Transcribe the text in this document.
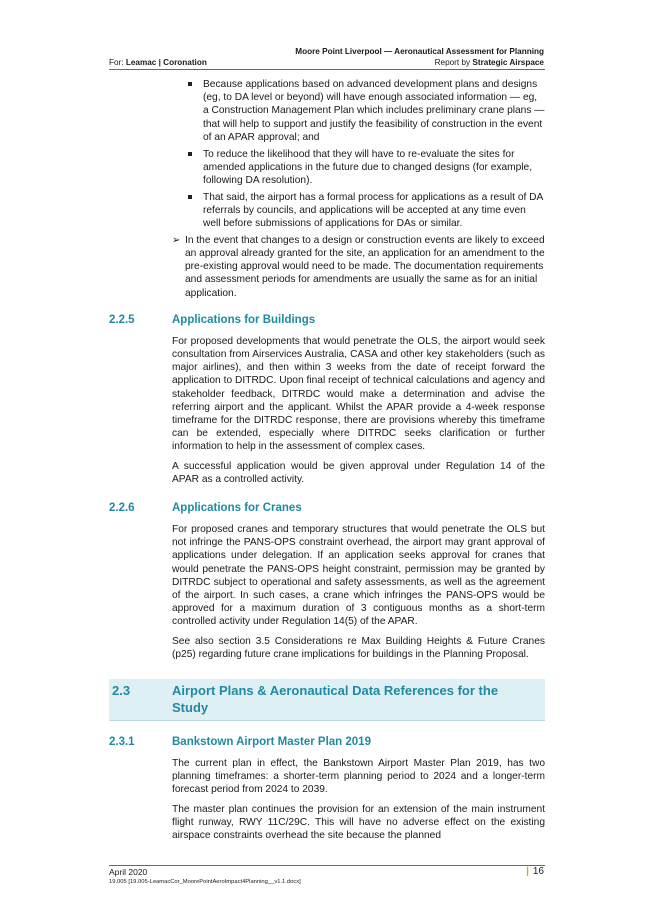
Moore Point Liverpool — Aeronautical Assessment for Planning
For: Leamac | Coronation	Report by Strategic Airspace
Because applications based on advanced development plans and designs (eg, to DA level or beyond) will have enough associated information — eg, a Construction Management Plan which includes preliminary crane plans — that will help to support and justify the feasibility of construction in the event of an APAR approval; and
To reduce the likelihood that they will have to re-evaluate the sites for amended applications in the future due to changed designs (for example, following DA resolution).
That said, the airport has a formal process for applications as a result of DA referrals by councils, and applications will be accepted at any time even well before submissions of applications for DAs or similar.
➢ In the event that changes to a design or construction events are likely to exceed an approval already granted for the site, an application for an amendment to the pre-existing approval would need to be made. The documentation requirements and assessment periods for amendments are usually the same as for an initial application.
2.2.5	Applications for Buildings

For proposed developments that would penetrate the OLS, the airport would seek consultation from Airservices Australia, CASA and other key stakeholders (such as major airlines), and then within 3 weeks from the date of receipt forward the application to DITRDC. Upon final receipt of technical calculations and agency and stakeholder feedback, DITRDC would make a determination and advise the referring airport and the applicant. Whilst the APAR provide a 4-week response timeframe for the DITRDC response, there are provisions whereby this timeframe can be extended, especially where DITRDC seeks clarification or further information to help in the assessment of complex cases.

A successful application would be given approval under Regulation 14 of the APAR as a controlled activity.

2.2.6	Applications for Cranes

For proposed cranes and temporary structures that would penetrate the OLS but not infringe the PANS-OPS constraint overhead, the airport may grant approval of applications under delegation. If an application seeks approval for cranes that would penetrate the PANS-OPS height constraint, permission may be granted by DITRDC subject to operational and safety assessments, as well as the agreement of the airport. In such cases, a crane which infringes the PANS-OPS would be approved for a maximum duration of 3 contiguous months as a short-term controlled activity under Regulation 14(5) of the APAR.

See also section 3.5 Considerations re Max Building Heights & Future Cranes (p25) regarding future crane implications for buildings in the Planning Proposal.

2.3	Airport Plans & Aeronautical Data References for the Study
2.3.1	Bankstown Airport Master Plan 2019

The current plan in effect, the Bankstown Airport Master Plan 2019, has two planning timeframes: a shorter-term planning period to 2024 and a longer-term forecast period from 2024 to 2039.

The master plan continues the provision for an extension of the main instrument flight runway, RWY 11C/29C. This will have no adverse effect on the existing airspace constraints overhead the site because the planned

April 2020
19.005 [19.005-LeamacCor_MoorePointAeroImpact4Planning__v1.1.docx]
| 16
